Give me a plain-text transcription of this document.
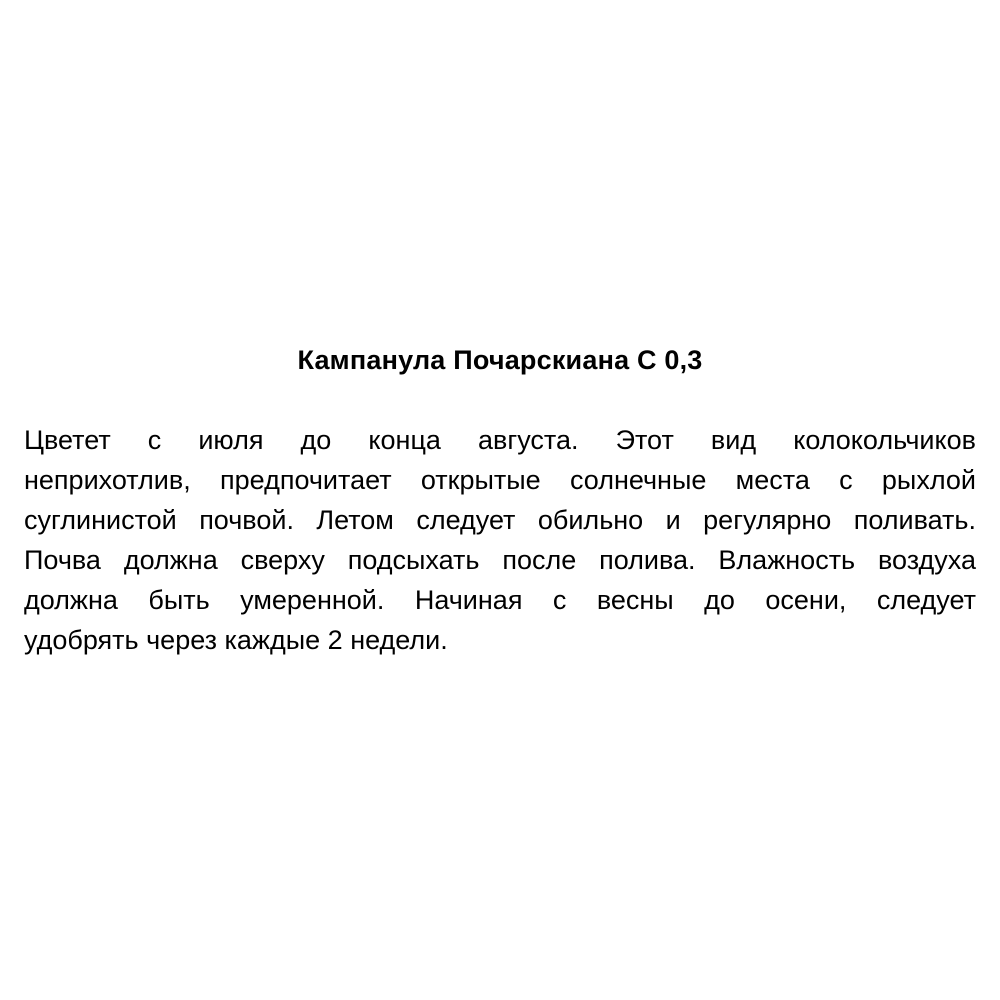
Кампанула Почарскиана С 0,3
Цветет с июля до конца августа. Этот вид колокольчиков
неприхотлив, предпочитает открытые солнечные места с рыхлой
суглинистой почвой. Летом следует обильно и регулярно поливать.
Почва должна сверху подсыхать после полива. Влажность воздуха
должна быть умеренной. Начиная с весны до осени, следует
удобрять через каждые 2 недели.
